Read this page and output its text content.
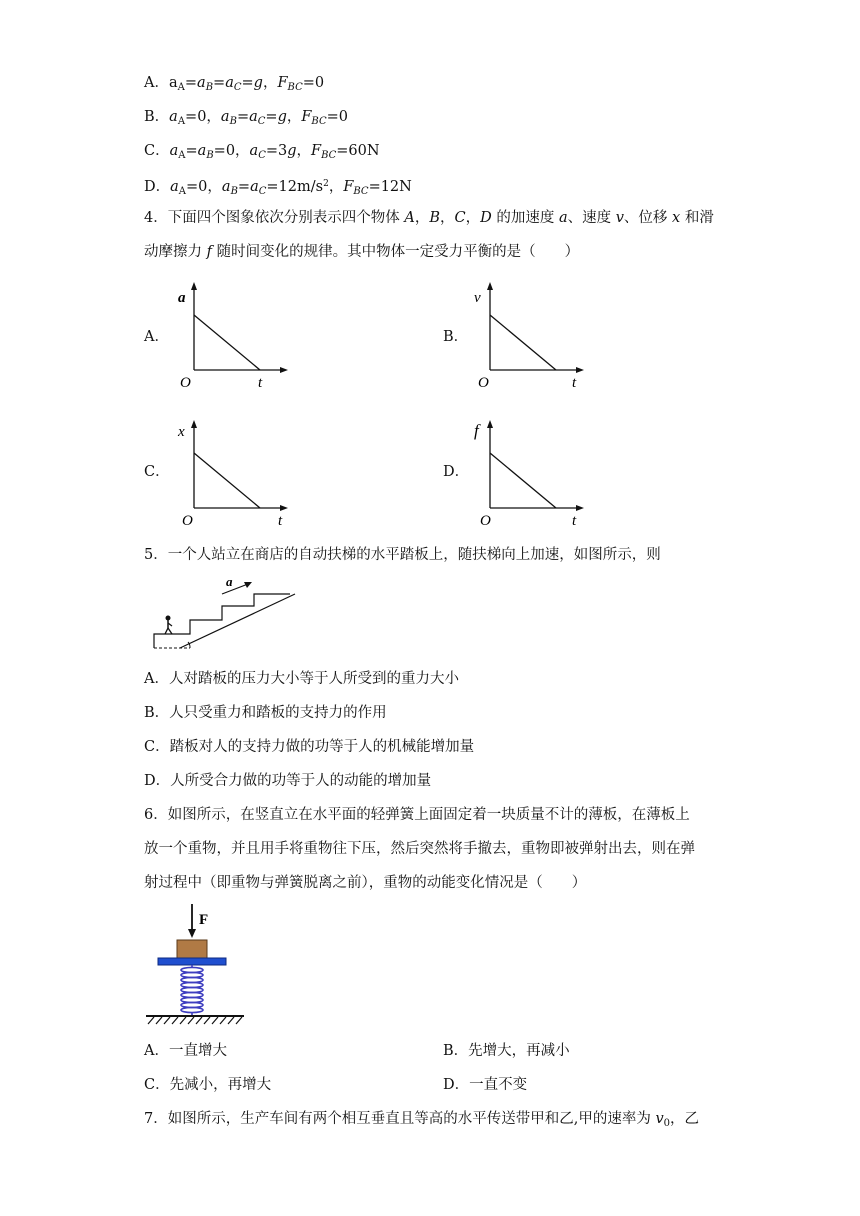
A．$a_A=a_B=a_C=g$，$F_{BC}=0$
B．$a_A=0$，$a_B=a_C=g$，$F_{BC}=0$
C．$a_A=a_B=0$，$a_C=3g$，$F_{BC}=60N$
D．$a_A=0$，$a_B=a_C=12m/s^2$，$F_{BC}=12N$
4．下面四个图象依次分别表示四个物体 A，B，C，D 的加速度 a、速度 v、位移 x 和滑
动摩擦力 f 随时间变化的规律。其中物体一定受力平衡的是（　　）
A．	B．
C．	D．
a
O	t
v
O	t
x
O	t
f
O	t
5．一个人站立在商店的自动扶梯的水平踏板上，随扶梯向上加速，如图所示，则
a
A．人对踏板的压力大小等于人所受到的重力大小
B．人只受重力和踏板的支持力的作用
C．踏板对人的支持力做的功等于人的机械能增加量
D．人所受合力做的功等于人的动能的增加量
6．如图所示，在竖直立在水平面的轻弹簧上面固定着一块质量不计的薄板，在薄板上
放一个重物，并且用手将重物往下压，然后突然将手撤去，重物即被弹射出去，则在弹
射过程中（即重物与弹簧脱离之前），重物的动能变化情况是（　　）
F
A．一直增大	B．先增大，再减小
C．先减小，再增大	D．一直不变
7．如图所示，生产车间有两个相互垂直且等高的水平传送带甲和乙,甲的速率为 $v_0$，乙
